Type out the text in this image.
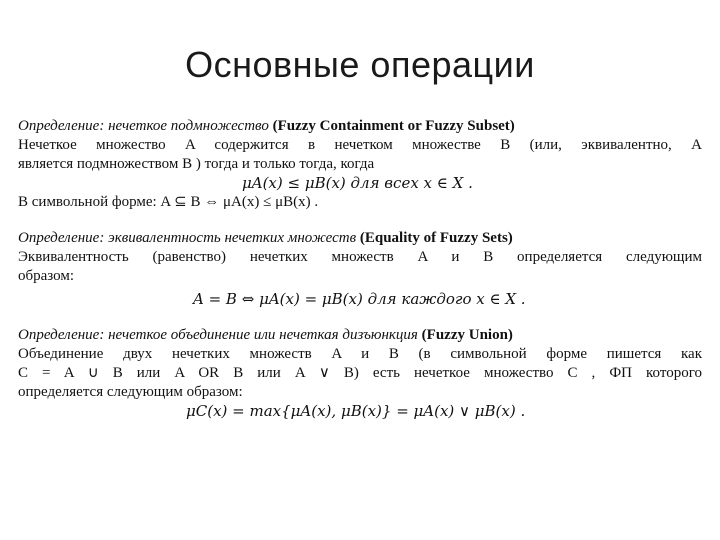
Основные операции
Определение: нечеткое подмножество (Fuzzy Containment or Fuzzy Subset)
Нечеткое множество A содержится в нечетком множестве B (или, эквивалентно, A
является подмножеством B ) тогда и только тогда, когда
μA(x) ≤ μB(x) для всех x ∈ X .
В символьной форме: A ⊆ B ⇔ μA(x) ≤ μB(x) .
Определение: эквивалентность нечетких множеств (Equality of Fuzzy Sets)
Эквивалентность (равенство) нечетких множеств A и B определяется следующим
образом:
A = B ⇔ μA(x) = μB(x) для каждого x ∈ X .
Определение: нечеткое объединение или нечеткая дизъюнкция (Fuzzy Union)
Объединение двух нечетких множеств A и B (в символьной форме пишется как
C = A ∪ B или A OR B или A ∨ B) есть нечеткое множество C , ФП которого
определяется следующим образом:
μC(x) = max{μA(x), μB(x)} = μA(x) ∨ μB(x) .
